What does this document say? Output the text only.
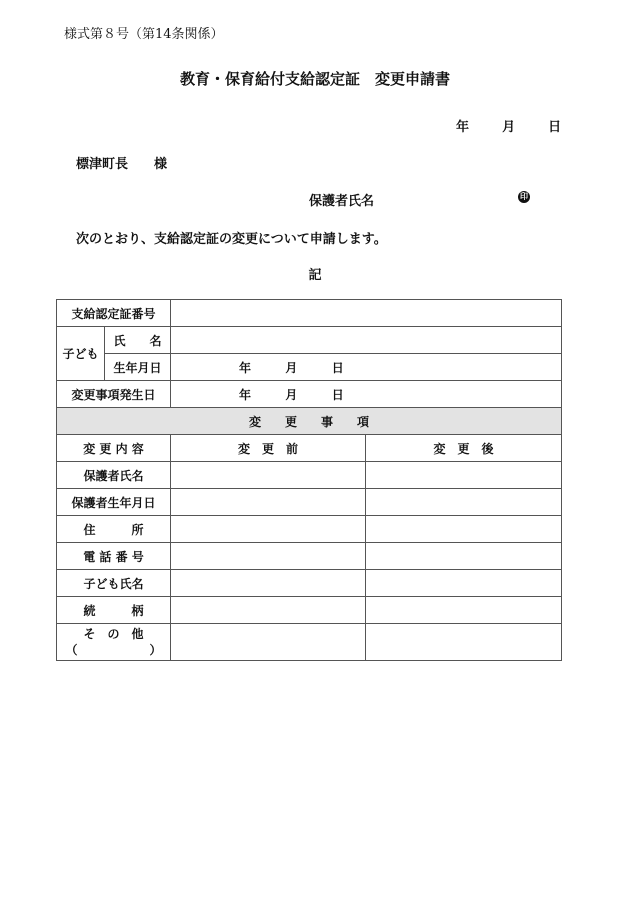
様式第８号（第14条関係）
教育・保育給付支給認定証　変更申請書
年	月	日
標津町長　　様
保護者氏名	印
次のとおり、支給認定証の変更について申請します。
記
支給認定証番号			
子ども	氏　　名		
	生年月日	年 月 日	
変更事項発生日		年 月 日	
変　　更　　事　　項			
変 更 内 容		変　更　前	変　更　後
保護者氏名			
保護者生年月日			
住　　　所			
電 話 番 号			
子ども氏名			
続　　　柄			

そ　の　他
（　　　　　　）			
